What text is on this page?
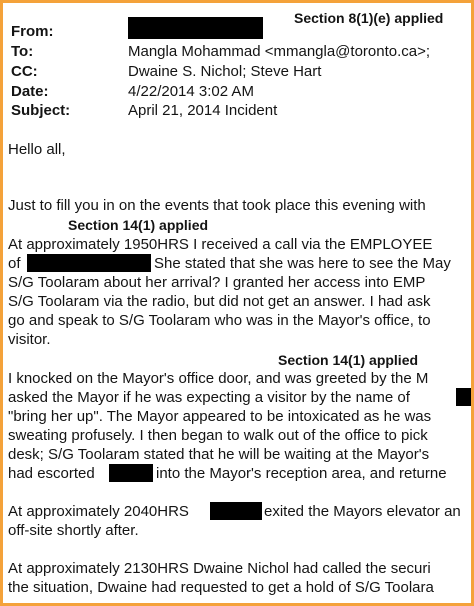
Section 8(1)(e) applied
From:
To:	Mangla Mohammad <mmangla@toronto.ca>;
CC:	Dwaine S. Nichol; Steve Hart
Date:	4/22/2014 3:02 AM
Subject:	April 21, 2014 Incident
Hello all,
Just to fill you in on the events that took place this evening with
Section 14(1) applied
At approximately 1950HRS I received a call via the EMPLOYEE
of	She stated that she was here to see the May
S/G Toolaram about her arrival? I granted her access into EMP
S/G Toolaram via the radio, but did not get an answer. I had ask
go and speak to S/G Toolaram who was in the Mayor's office, to
visitor.
Section 14(1) applied
I knocked on the Mayor's office door, and was greeted by the M
asked the Mayor if he was expecting a visitor by the name of
"bring her up". The Mayor appeared to be intoxicated as he was
sweating profusely. I then began to walk out of the office to pick
desk; S/G Toolaram stated that he will be waiting at the Mayor's
had escorted	into the Mayor's reception area, and returne
At approximately 2040HRS	exited the Mayors elevator an
off-site shortly after.
At approximately 2130HRS Dwaine Nichol had called the securi
the situation, Dwaine had requested to get a hold of S/G Toolara
